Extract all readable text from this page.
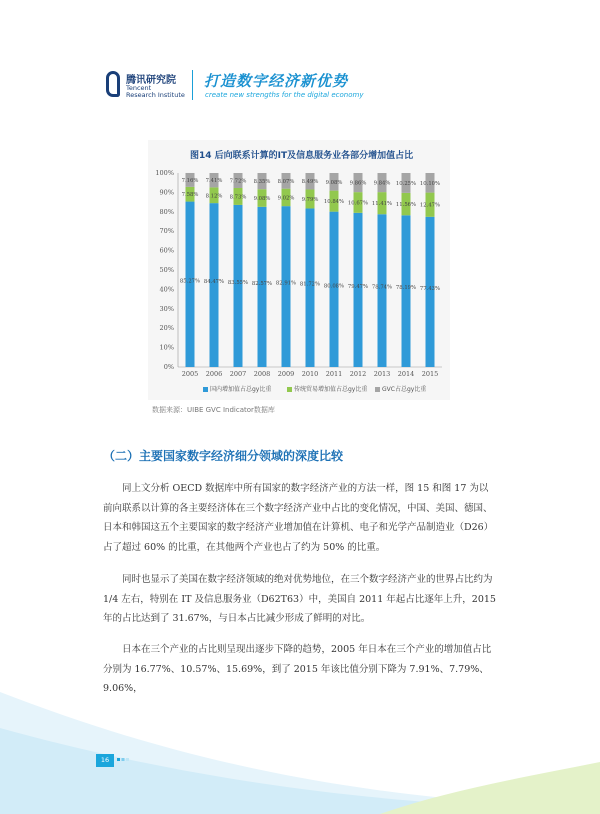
腾讯研究院
Tencent
Research Institute
打造数字经济新优势
create new strengths for the digital economy
图14 后向联系计算的IT及信息服务业各部分增加值占比
0%
10%
20%
30%
40%
50%
60%
70%
80%
90%
100%
85.27%
7.58%
7.16%
2005
84.47%
8.12%
7.41%
2006
83.55%
8.73%
7.72%
2007
82.57%
9.08%
8.35%
2008
82.91%
9.02%
8.07%
2009
81.72%
9.79%
8.49%
2010
80.08%
10.84%
9.08%
2011
79.47%
10.67%
9.86%
2012
78.74%
11.41%
9.84%
2013
78.19%
11.56%
10.25%
2014
77.43%
12.47%
10.10%
2015
国内增加值占总gy比重	传统贸易增加值占总gy比重	GVC占总gy比重
数据来源：UIBE GVC Indicator数据库
（二）主要国家数字经济细分领域的深度比较

同上文分析 OECD 数据库中所有国家的数字经济产业的方法一样，图 15 和图 17 为以前向联系以计算的各主要经济体在三个数字经济产业中占比的变化情况，中国、美国、德国、日本和韩国这五个主要国家的数字经济产业增加值在计算机、电子和光学产品制造业（D26）占了超过 60% 的比重，在其他两个产业也占了约为 50% 的比重。

同时也显示了美国在数字经济领域的绝对优势地位，在三个数字经济产业的世界占比约为 1/4 左右，特别在 IT 及信息服务业（D62T63）中，美国自 2011 年起占比逐年上升，2015 年的占比达到了 31.67%，与日本占比减少形成了鲜明的对比。

日本在三个产业的占比则呈现出逐步下降的趋势，2005 年日本在三个产业的增加值占比分别为 16.77%、10.57%、15.69%，到了 2015 年该比值分别下降为 7.91%、7.79%、9.06%，

16
